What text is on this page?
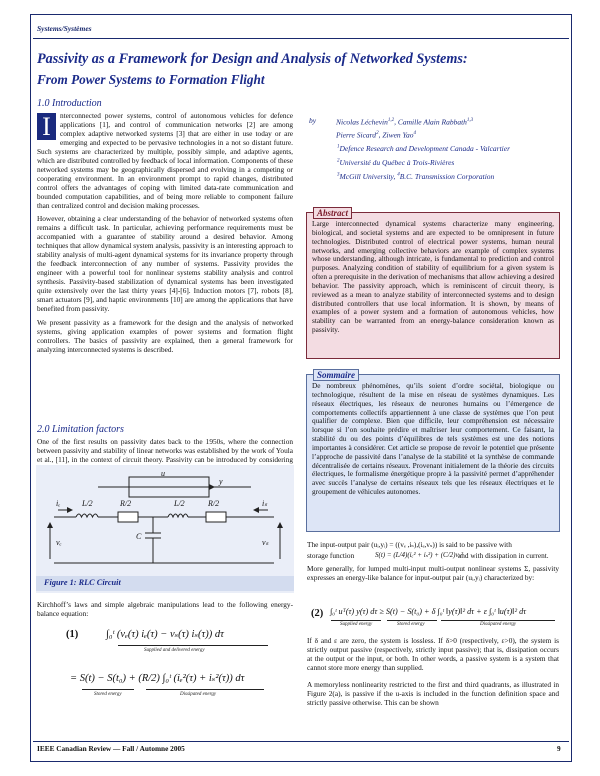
Systems/Systèmes
Passivity as a Framework for Design and Analysis of Networked Systems:
From Power Systems to Formation Flight
1.0 Introduction

I	nterconnected power systems, control of autonomous vehicles for defence applications [1], and control of communication networks [2] are among complex adaptive networked systems [3] that are either in use today or are emerging and expected to be pervasive technologies in a not so distant future. Such systems are characterized by multiple, possibly simple, and adaptive agents, which are distributed controlled by feedback of local information. Components of these networked systems may be geographically dispersed and evolving in a competing or cooperating environment. In an environment prompt to rapid changes, distributed control offers the advantages of coping with limited data-rate communication and bounded computation capabilities, and of being more reliable to component failure than centralized control and decision making processes.

However, obtaining a clear understanding of the behavior of networked systems often remains a difficult task. In particular, achieving performance requirements must be accompanied with a guarantee of stability around a desired behavior. Among techniques that allow dynamical system analysis, passivity is an interesting approach to stability analysis of multi-agent dynamical systems for its invariance property through the feedback interconnection of any number of systems. Passivity provides the engineer with a powerful tool for nonlinear systems stability analysis and control synthesis. Passivity-based stabilization of dynamical systems has been investigated quite extensively over the last thirty years [4]-[6]. Induction motors [7], robots [8], smart actuators [9], and haptic environments [10] are among the applications that have benefited from passivity.

We present passivity as a framework for the design and the analysis of networked systems, giving application examples of power systems and formation flight controllers. The basics of passivity are explained, then a general framework for analyzing interconnected systems is described.

2.0 Limitation factors
One of the first results on passivity dates back to the 1950s, where the connection between passivity and stability of linear networks was established by the work of Youla et al., [11], in the context of circuit theory. Passivity can be introduced by considering
u
y
L/2	R/2	L/2	R/2
C
iₑ	iₛ
vₑ	vₛ
Figure 1: RLC Circuit
Kirchhoff’s laws and simple algebraic manipulations lead to the following energy-balance equation:
(1)	∫₀ᵗ (vₑ(τ) iₑ(τ) − vₛ(τ) iₛ(τ)) dτ
Supplied and delivered energy
= S(t) − S(t₀) + (R/2) ∫₀ᵗ (iₑ²(τ) + iₛ²(τ)) dτ
Stored energy	Dissipated energy
by	Nicolas Léchevin$^{1,2}$, Camille Alain Rabbath$^{1,3}$
Pierre Sicard$^2$, Ziwen Yao$^4$
$^1$Defence Research and Development Canada - Valcartier
$^2$Université du Québec à Trois-Rivières
$^3$McGill University, $^4$B.C. Transmission Corporation
Abstract
Large interconnected dynamical systems characterize many engineering, biological, and societal systems and are expected to be omnipresent in future technologies. Distributed control of electrical power systems, human neural networks, and emerging collective behaviors are example of complex systems whose understanding, although intricate, is fundamental to prediction and control purposes. Analyzing condition of stability of equilibrium for a given system is often a prerequisite in the derivation of mechanisms that allow achieving a desired behavior. The passivity approach, which is reminiscent of circuit theory, is reviewed as a mean to analyze stability of interconnected systems and to design distributed controllers that use local information. It is shown, by means of examples of a power system and a formation of autonomous vehicles, how stability can be warranted from an energy-balance consideration known as passivity.
Sommaire
De nombreux phénomènes, qu’ils soient d’ordre sociétal, biologique ou technologique, résultent de la mise en réseau de systèmes dynamiques. Les réseaux électriques, les réseaux de neurones humains ou l’émergence de comportements collectifs appartiennent à une classe de systèmes que l’on peut qualifier de complexe. Bien que difficile, leur compréhension est nécessaire lorsque si l’on souhaite prédire et maîtriser leur comportement. Ce faisant, la stabilité du ou des points d’équilibres de tels systèmes est une des notions importantes à considérer. Cet article se propose de revoir le potentiel que présente l’approche de passivité dans l’analyse de la stabilité et la synthèse de commande décentralisée de certains réseaux. Provenant initialement de la théorie des circuits électriques, le formalisme énergétique propre à la passivité permet d’appréhender avec succès l’analyse de certains réseaux tels que les réseaux électriques et le groupement de véhicules autonomes.
The input-output pair (uᵢ,yᵢ) = ((vₑ ,iₛ),(iₑ,vₛ)) is said to be passive with
storage function	S(t) = (L/4)(iₑ² + iₛ²) + (C/2)vₛ²
and with dissipation in current.
More generally, for lumped multi-input multi-output nonlinear systems Σ, passivity expresses an energy-like balance for input-output pair (uᵢ,yᵢ) characterized by:
(2) ∫₀ᵗ uᵀ(τ) y(τ) dτ ≥ S(t) − S(t₀) + δ ∫₀ᵗ ‖y(τ)‖² dτ + ε ∫₀ᵗ ‖u(τ)‖² dτ
Supplied energy	Stored energy	Dissipated energy
If δ and ε are zero, the system is lossless. If δ>0 (respectively, ε>0), the system is strictly output passive (respectively, strictly input passive); that is, dissipation occurs at the output or the input, or both. In other words, a passive system is a system that cannot store more energy than supplied.
A memoryless nonlinearity restricted to the first and third quadrants, as illustrated in Figure 2(a), is passive if the u-axis is included in the function definition space and strictly passive otherwise. This can be shown
IEEE Canadian Review — Fall / Automne 2005	9
